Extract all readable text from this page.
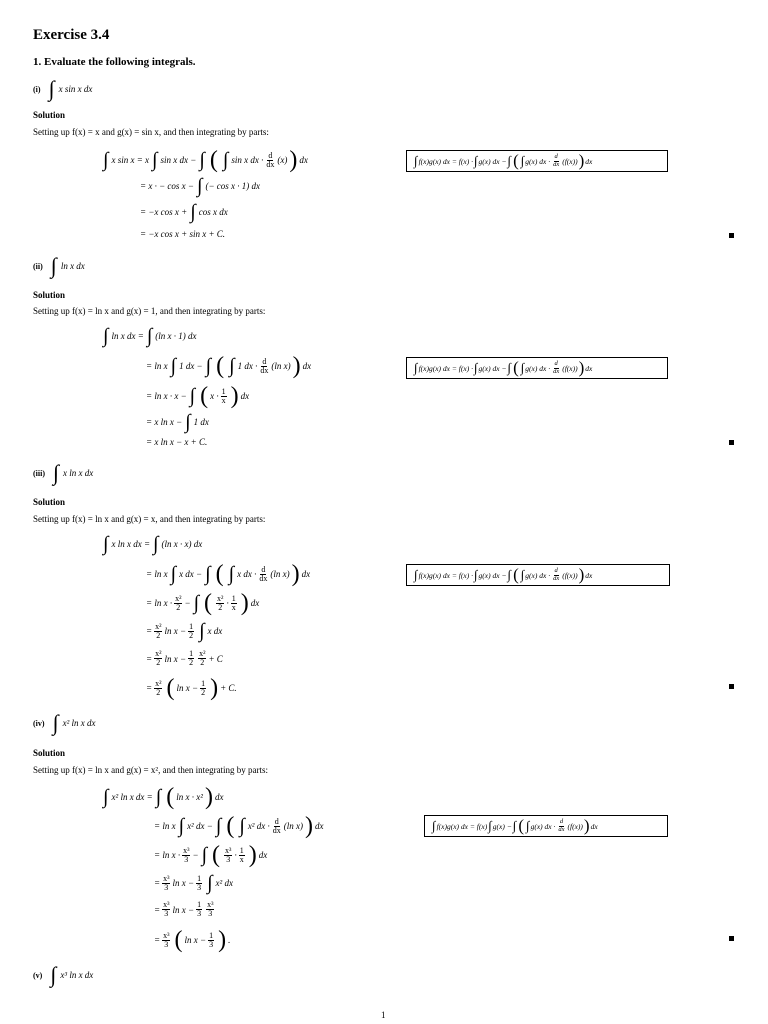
Exercise 3.4
1. Evaluate the following integrals.
(i) ∫ x sin x dx
Solution
Setting up f(x) = x and g(x) = sin x, and then integrating by parts:
∫ x sin x = x ∫ sin x dx − ∫ ( ∫ sin x dx · $\frac{d}{dx} (x)$ ) dx
= x · − cos x − ∫ (− cos x · 1) dx
= −x cos x + ∫ cos x dx
= −x cos x + sin x + C.
∫ f(x)g(x) dx = f(x) · ∫ g(x) dx − ∫ ( ∫ g(x) dx · $\frac{d}{dx} (f(x))$ ) dx
(ii) ∫ ln x dx
Solution
Setting up f(x) = ln x and g(x) = 1, and then integrating by parts:
∫ ln x dx = ∫ (ln x · 1) dx
= ln x ∫ 1 dx − ∫ ( ∫ 1 dx · $\frac{d}{dx} (\ln$ x) ) dx
= ln x · x − ∫ ( $x \cdot \frac{1}{x}$ ) dx
= x ln x − ∫ 1 dx
= x ln x − x + C.
∫ f(x)g(x) dx = f(x) · ∫ g(x) dx − ∫ ( ∫ g(x) dx · $\frac{d}{dx} (f(x))$ ) dx
(iii) ∫ x ln x dx
Solution
Setting up f(x) = ln x and g(x) = x, and then integrating by parts:
∫ x ln x dx = ∫ (ln x · x) dx
= ln x ∫ x dx − ∫ ( ∫ x dx · $\frac{d}{dx} (\ln$ x) ) dx
= $\ln x \cdot \frac{\text{x²}}{2}$ − ∫ ( $\frac{\text{x²}}{2} \cdot \frac{1}{x}$ ) dx
= $\frac{\text{x²}}{2}$ $\ln x - \frac{1}{2}$ ∫ x dx
= $\frac{\text{x²}}{2}$ $\ln x - \frac{1}{2} \frac{\text{x²}}{2} + C$
= $\frac{\text{x²}}{2}$ ( $\ln x - \frac{1}{2}$ ) + C.
∫ f(x)g(x) dx = f(x) · ∫ g(x) dx − ∫ ( ∫ g(x) dx · $\frac{d}{dx} (f(x))$ ) dx
(iv) ∫ x² ln x dx
Solution
Setting up f(x) = ln x and g(x) = x², and then integrating by parts:
∫ x² ln x dx = ∫ ( ln x · x² ) dx
= ln x ∫ x² dx − ∫ ( ∫ x² dx · $\frac{d}{dx} (\ln$ x) ) dx
= $\ln x \cdot \frac{\text{x³}}{3}$ − ∫ ( $\frac{\text{x³}}{3} \cdot \frac{1}{x}$ ) dx
= $\frac{\text{x³}}{3}$ $\ln x - \frac{1}{3}$ ∫ x² dx
= $\frac{\text{x³}}{3}$ $\ln x - \frac{1}{3} \frac{\text{x³}}{3}$
= $\frac{\text{x³}}{3}$ ( $\ln x - \frac{1}{3}$ ) .
∫ f(x)g(x) dx = f(x) ∫ g(x) − ∫ ( ∫ g(x) dx · $\frac{d}{dx} (f(x))$ ) dx
(v) ∫ x³ ln x dx
1
